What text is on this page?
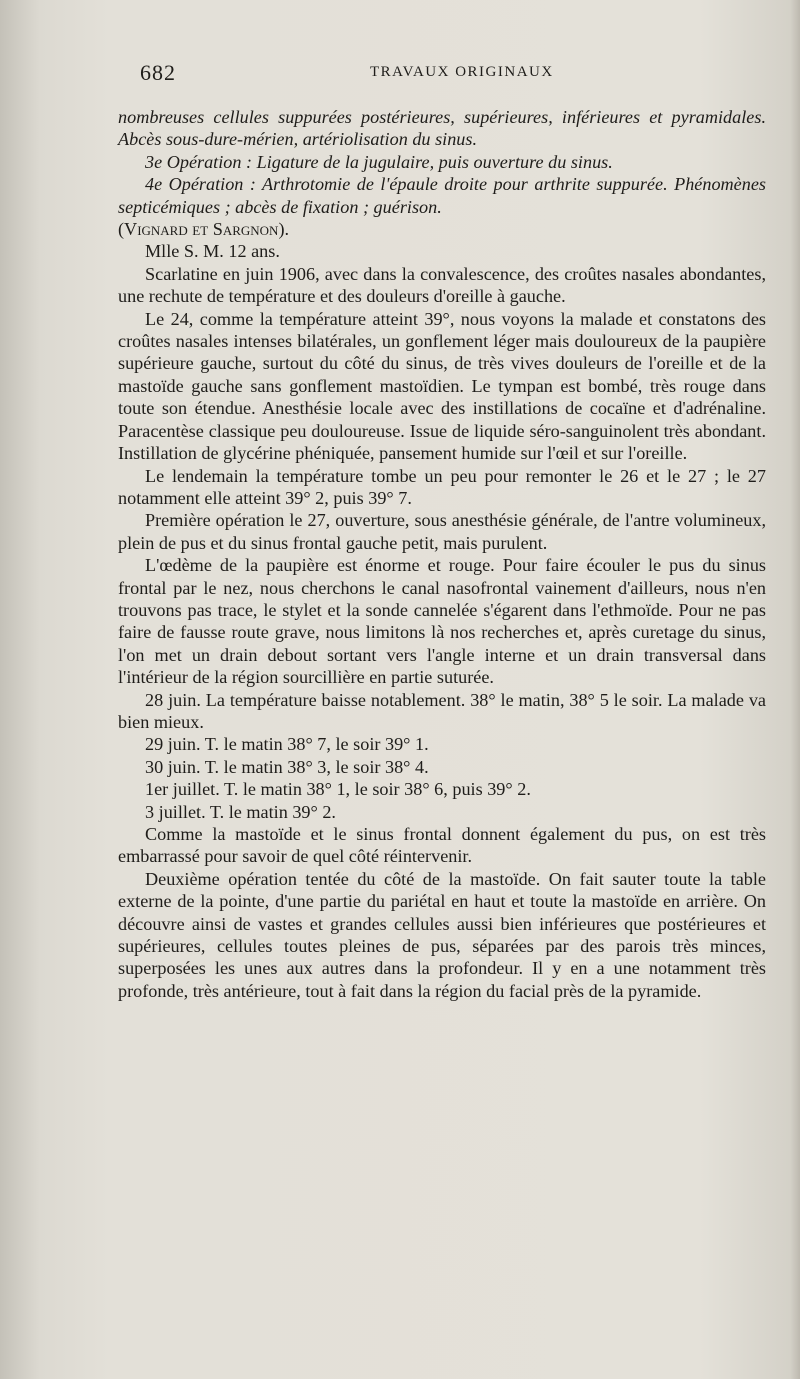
682	TRAVAUX ORIGINAUX

nombreuses cellules suppurées postérieures, supérieures, inférieures et pyramidales. Abcès sous-dure-mérien, artériolisation du sinus.

3e Opération : Ligature de la jugulaire, puis ouverture du sinus.

4e Opération : Arthrotomie de l'épaule droite pour arthrite suppurée. Phénomènes septicémiques ; abcès de fixation ; guérison.

(Vignard et Sargnon).

Mlle S. M. 12 ans.

Scarlatine en juin 1906, avec dans la convalescence, des croûtes nasales abondantes, une rechute de température et des douleurs d'oreille à gauche.

Le 24, comme la température atteint 39°, nous voyons la malade et constatons des croûtes nasales intenses bilatérales, un gonflement léger mais douloureux de la paupière supérieure gauche, surtout du côté du sinus, de très vives douleurs de l'oreille et de la mastoïde gauche sans gonflement mastoïdien. Le tympan est bombé, très rouge dans toute son étendue. Anesthésie locale avec des instillations de cocaïne et d'adrénaline. Paracentèse classique peu douloureuse. Issue de liquide séro-sanguinolent très abondant. Instillation de glycérine phéniquée, pansement humide sur l'œil et sur l'oreille.

Le lendemain la température tombe un peu pour remonter le 26 et le 27 ; le 27 notamment elle atteint 39° 2, puis 39° 7.

Première opération le 27, ouverture, sous anesthésie générale, de l'antre volumineux, plein de pus et du sinus frontal gauche petit, mais purulent.

L'œdème de la paupière est énorme et rouge. Pour faire écouler le pus du sinus frontal par le nez, nous cherchons le canal nasofrontal vainement d'ailleurs, nous n'en trouvons pas trace, le stylet et la sonde cannelée s'égarent dans l'ethmoïde. Pour ne pas faire de fausse route grave, nous limitons là nos recherches et, après curetage du sinus, l'on met un drain debout sortant vers l'angle interne et un drain transversal dans l'intérieur de la région sourcillière en partie suturée.

28 juin. La température baisse notablement. 38° le matin, 38° 5 le soir. La malade va bien mieux.

29 juin. T. le matin 38° 7, le soir 39° 1.

30 juin. T. le matin 38° 3, le soir 38° 4.

1er juillet. T. le matin 38° 1, le soir 38° 6, puis 39° 2.

3 juillet. T. le matin 39° 2.

Comme la mastoïde et le sinus frontal donnent également du pus, on est très embarrassé pour savoir de quel côté réintervenir.

Deuxième opération tentée du côté de la mastoïde. On fait sauter toute la table externe de la pointe, d'une partie du pariétal en haut et toute la mastoïde en arrière. On découvre ainsi de vastes et grandes cellules aussi bien inférieures que postérieures et supérieures, cellules toutes pleines de pus, séparées par des parois très minces, superposées les unes aux autres dans la profondeur. Il y en a une notamment très profonde, très antérieure, tout à fait dans la région du facial près de la pyramide.
